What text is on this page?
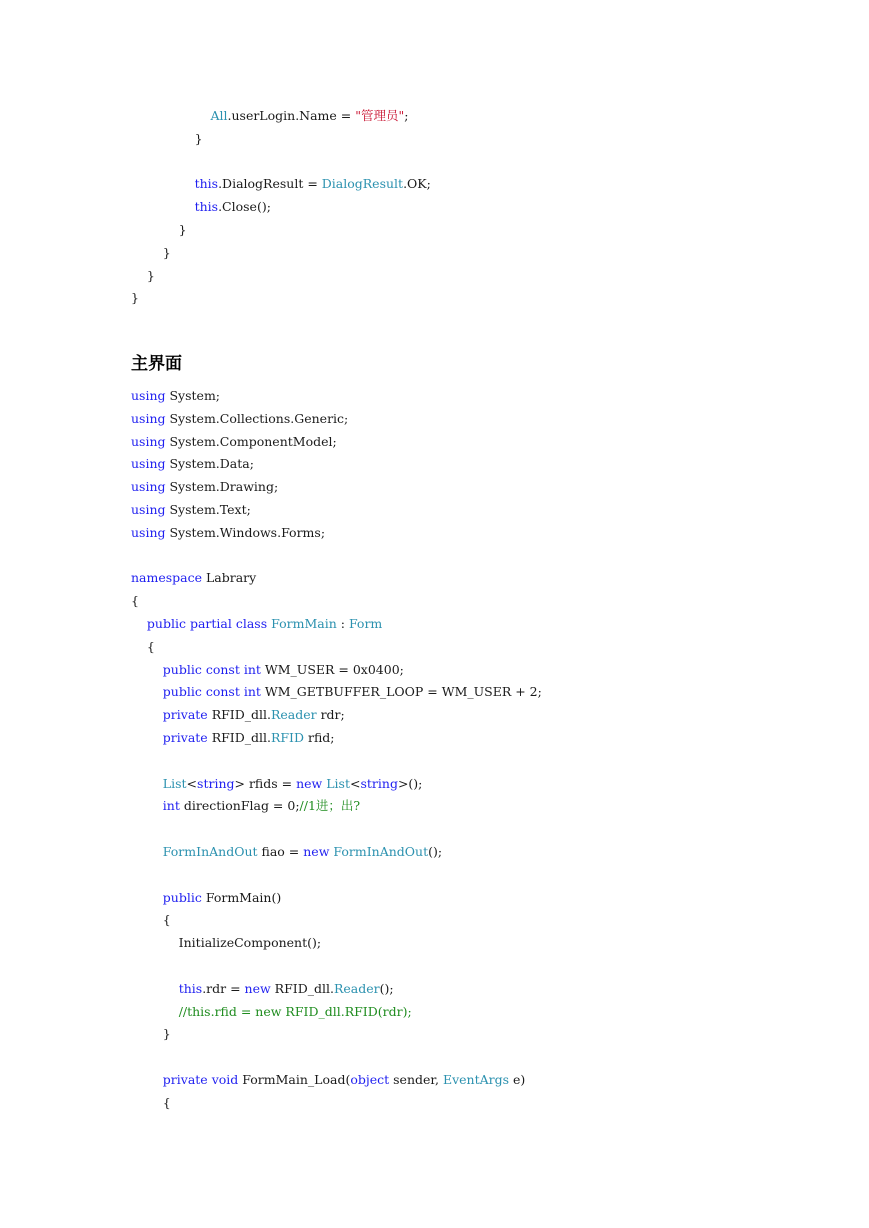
All.userLogin.Name = "管理员";
}
this.DialogResult = DialogResult.OK;
this.Close();
}
}
}
}
主界面
using System;
using System.Collections.Generic;
using System.ComponentModel;
using System.Data;
using System.Drawing;
using System.Text;
using System.Windows.Forms;
namespace Labrary
{
public partial class FormMain : Form
{
public const int WM_USER = 0x0400;
public const int WM_GETBUFFER_LOOP = WM_USER + 2;
private RFID_dll.Reader rdr;
private RFID_dll.RFID rfid;
List<string> rfids = new List<string>();
int directionFlag = 0;//1进；出?
FormInAndOut fiao = new FormInAndOut();
public FormMain()
{
InitializeComponent();
this.rdr = new RFID_dll.Reader();
//this.rfid = new RFID_dll.RFID(rdr);
}
private void FormMain_Load(object sender, EventArgs e)
{
